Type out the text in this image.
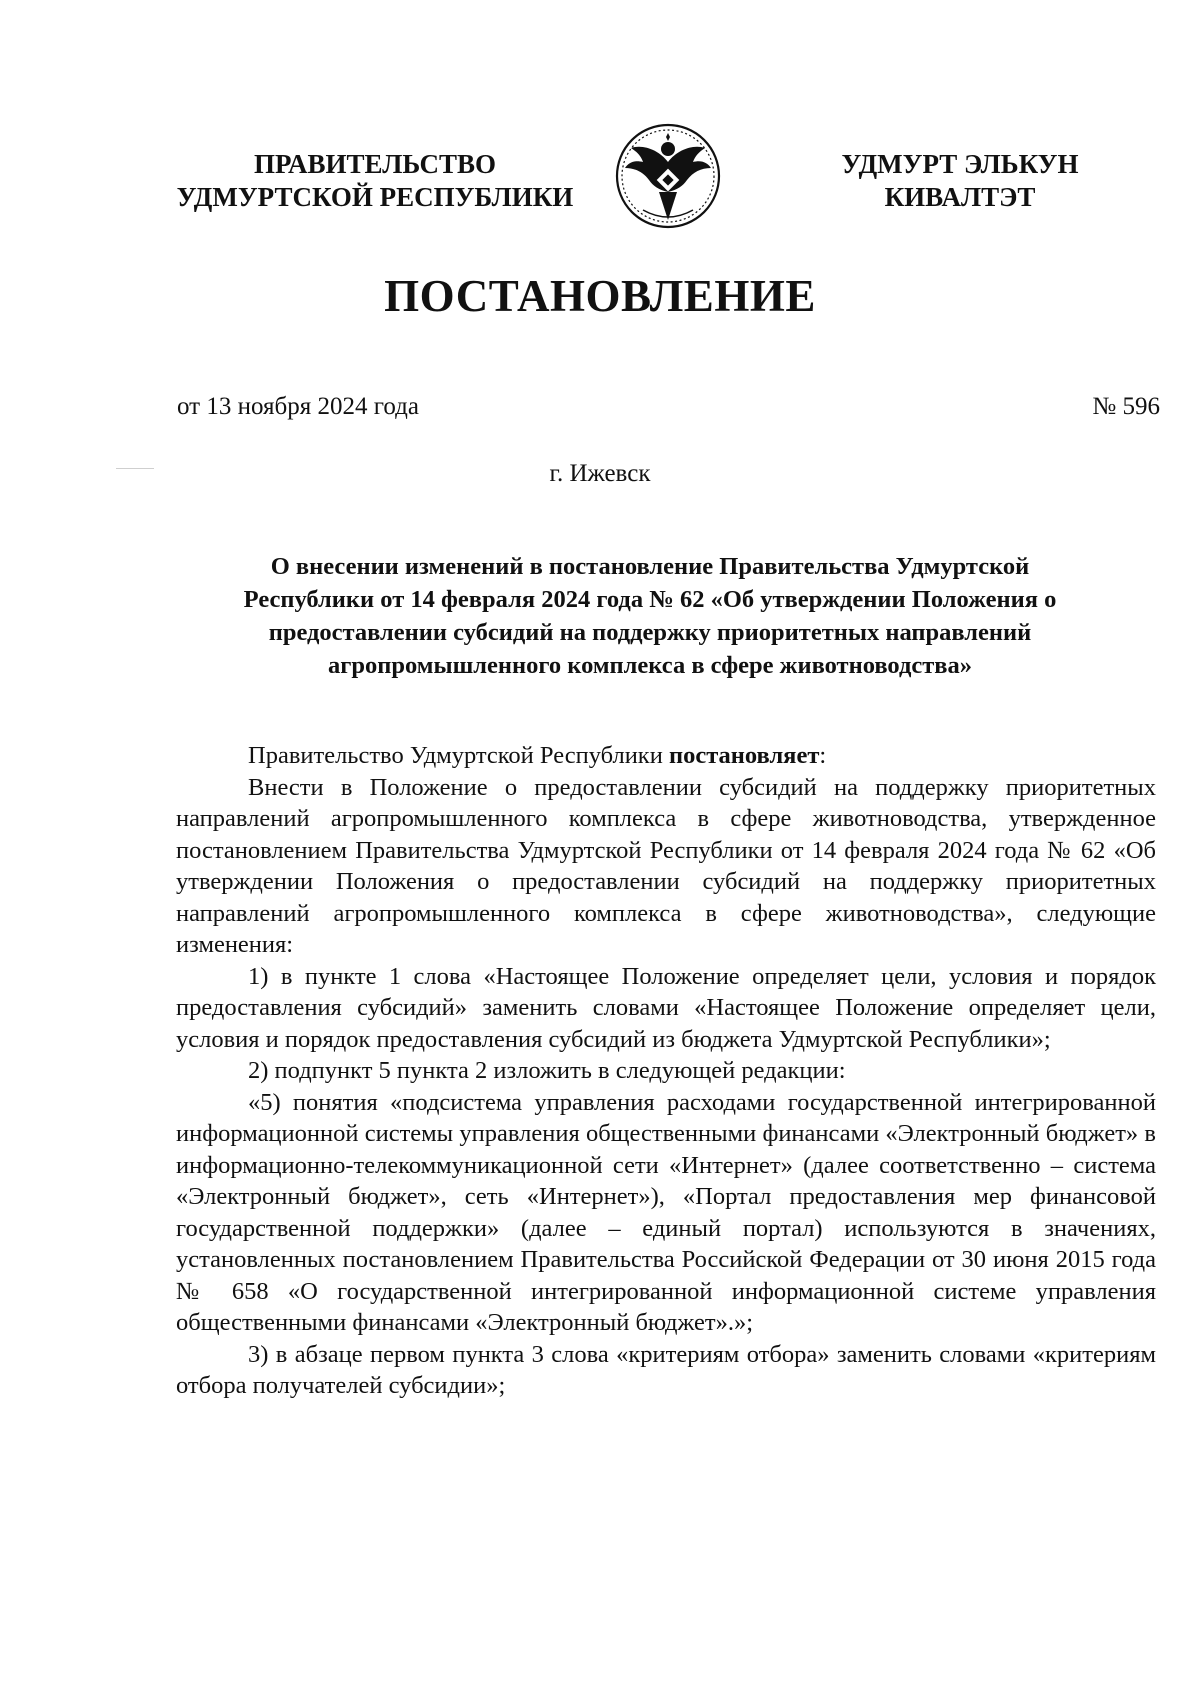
ПРАВИТЕЛЬСТВО
УДМУРТСКОЙ РЕСПУБЛИКИ
УДМУРТ ЭЛЬКУН
КИВАЛТЭТ
ПОСТАНОВЛЕНИЕ
от 13 ноября 2024 года	№ 596
г. Ижевск
О внесении изменений в постановление Правительства Удмуртской
Республики от 14 февраля 2024 года № 62 «Об утверждении Положения о
предоставлении субсидий на поддержку приоритетных направлений
агропромышленного комплекса в сфере животноводства»

Правительство Удмуртской Республики постановляет:

Внести в Положение о предоставлении субсидий на поддержку приоритетных направлений агропромышленного комплекса в сфере животноводства, утвержденное постановлением Правительства Удмуртской Республики от 14 февраля 2024 года № 62 «Об утверждении Положения о предоставлении субсидий на поддержку приоритетных направлений агропромышленного комплекса в сфере животноводства», следующие изменения:

1) в пункте 1 слова «Настоящее Положение определяет цели, условия и порядок предоставления субсидий» заменить словами «Настоящее Положение определяет цели, условия и порядок предоставления субсидий из бюджета Удмуртской Республики»;

2) подпункт 5 пункта 2 изложить в следующей редакции:

«5) понятия «подсистема управления расходами государственной интегрированной информационной системы управления общественными финансами «Электронный бюджет» в информационно-телекоммуникационной сети «Интернет» (далее соответственно – система «Электронный бюджет», сеть «Интернет»), «Портал предоставления мер финансовой государственной поддержки» (далее – единый портал) используются в значениях, установленных постановлением Правительства Российской Федерации от 30 июня 2015 года № 658 «О государственной интегрированной информационной системе управления общественными финансами «Электронный бюджет».»;

3) в абзаце первом пункта 3 слова «критериям отбора» заменить словами «критериям отбора получателей субсидии»;
